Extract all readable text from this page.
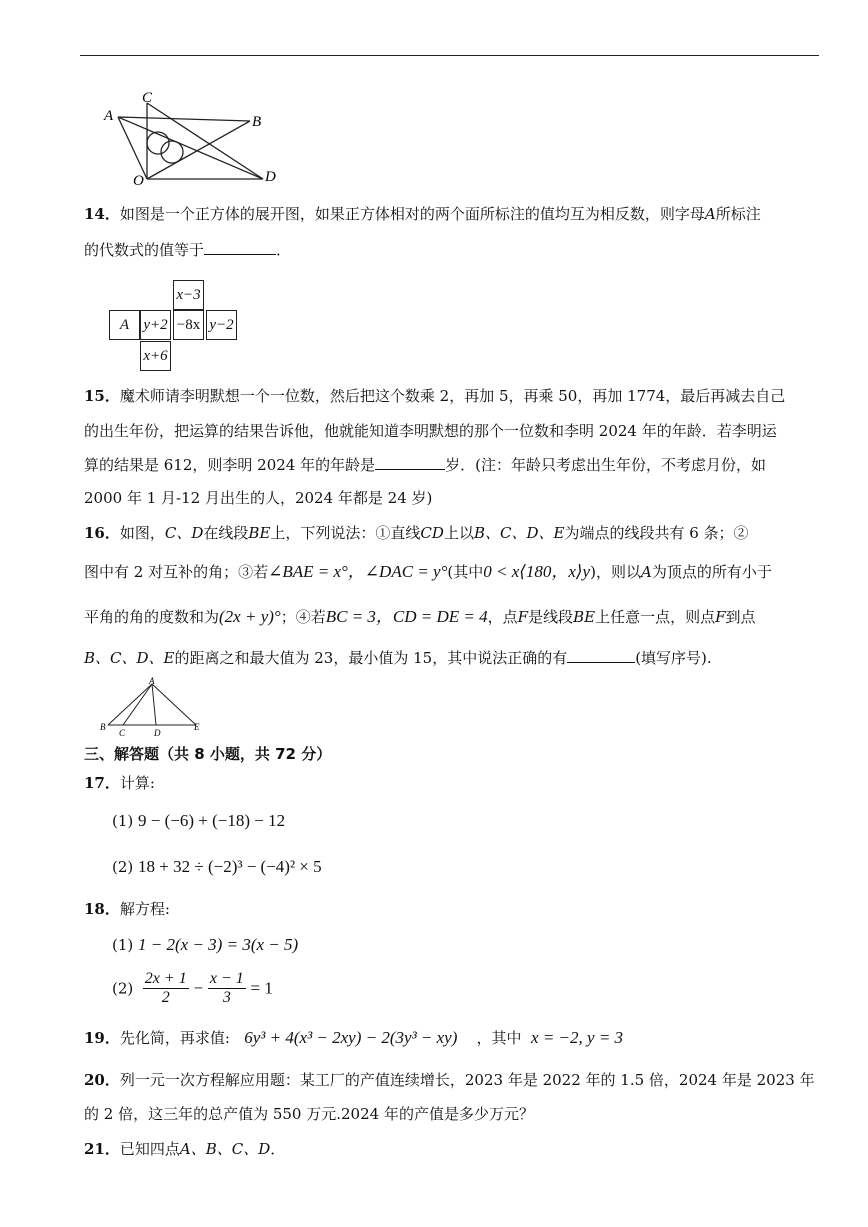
A
C
B
O	D
14．如图是一个正方体的展开图，如果正方体相对的两个面所标注的值均互为相反数，则字母A所标注
的代数式的值等于	．
x−3
A y+2 −8x y−2
x+6
15．魔术师请李明默想一个一位数，然后把这个数乘 2，再加 5，再乘 50，再加 1774，最后再减去自己
的出生年份，把运算的结果告诉他，他就能知道李明默想的那个一位数和李明 2024 年的年龄．若李明运
算的结果是 612，则李明 2024 年的年龄是	岁．(注：年龄只考虑出生年份，不考虑月份，如
2000 年 1 月-12 月出生的人，2024 年都是 24 岁)
16．如图，C、D在线段BE上，下列说法：①直线CD上以B、C、D、E为端点的线段共有 6 条；②
图中有 2 对互补的角；③若∠BAE = x°，∠DAC = y°(其中0 < x⟨180，x⟩y)，则以A为顶点的所有小于
平角的角的度数和为(2x + y)°；④若BC = 3，CD = DE = 4，点F是线段BE上任意一点，则点F到点
B、C、D、E的距离之和最大值为 23，最小值为 15，其中说法正确的有	(填写序号).
A
B
C	D
E
三、解答题（共 8 小题，共 72 分）
17．计算:
(1) 9 − (−6) + (−18) − 12
(2) 18 + 32 ÷ (−2)³ − (−4)² × 5
18．解方程:
(1) 1 − 2(x − 3) = 3(x − 5)
$(2) \frac{2x + 1}{2} - \frac{x - 1}{3} = 1$
19．先化简，再求值: 6y³ + 4(x³ − 2xy) − 2(3y³ − xy) ，其中 x = −2, y = 3
20．列一元一次方程解应用题：某工厂的产值连续增长，2023 年是 2022 年的 1.5 倍，2024 年是 2023 年
的 2 倍，这三年的总产值为 550 万元.2024 年的产值是多少万元？
21．已知四点A、B、C、D．
